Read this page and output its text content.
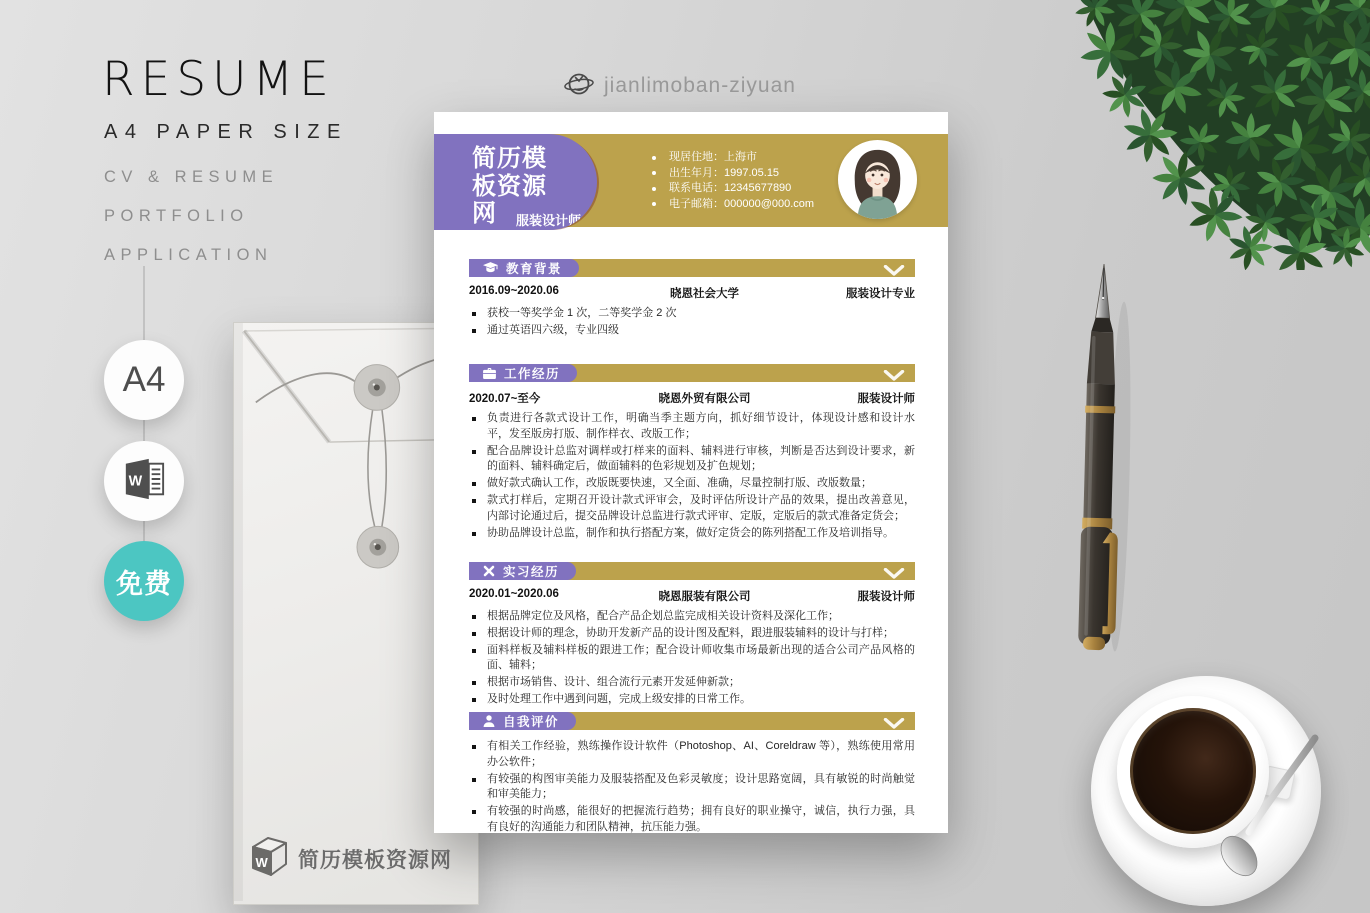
RESUME
A4 PAPER SIZE
CV & RESUME
PORTFOLIO
APPLICATION
jianlimoban-ziyuan
A4
W
免费
W 简历模板资源网
服装设计师
简历模板资源网
现居住地：上海市
出生年月：1997.05.15
联系电话：12345677890
电子邮箱：000000@000.com
教育背景
2016.09~2020.06	晓恩社会大学	服装设计专业
获校一等奖学金 1 次，二等奖学金 2 次
通过英语四六级，专业四级
工作经历
2020.07~至今	晓恩外贸有限公司	服装设计师
负责进行各款式设计工作，明确当季主题方向，抓好细节设计，体现设计感和设计水平，发至版房打版、制作样衣、改版工作；
配合品牌设计总监对调样或打样来的面料、辅料进行审核，判断是否达到设计要求，新的面料、辅料确定后，做面辅料的色彩规划及扩色规划；
做好款式确认工作，改版既要快速，又全面、准确，尽量控制打版、改版数量；
款式打样后，定期召开设计款式评审会，及时评估所设计产品的效果，提出改善意见，内部讨论通过后，提交品牌设计总监进行款式评审、定版，定版后的款式准备定货会；
协助品牌设计总监，制作和执行搭配方案，做好定货会的陈列搭配工作及培训指导。
实习经历
2020.01~2020.06	晓恩服装有限公司	服装设计师
根据品牌定位及风格，配合产品企划总监完成相关设计资料及深化工作；
根据设计师的理念，协助开发新产品的设计图及配料，跟进服装辅料的设计与打样；
面料样板及辅料样板的跟进工作；配合设计师收集市场最新出现的适合公司产品风格的面、辅料；
根据市场销售、设计、组合流行元素开发延伸新款；
及时处理工作中遇到问题，完成上级安排的日常工作。
自我评价
有相关工作经验，熟练操作设计软件（Photoshop、AI、Coreldraw 等），熟练使用常用办公软件；
有较强的构图审美能力及服装搭配及色彩灵敏度；设计思路宽阔，具有敏锐的时尚触觉和审美能力；
有较强的时尚感，能很好的把握流行趋势；拥有良好的职业操守，诚信，执行力强，具有良好的沟通能力和团队精神，抗压能力强。
